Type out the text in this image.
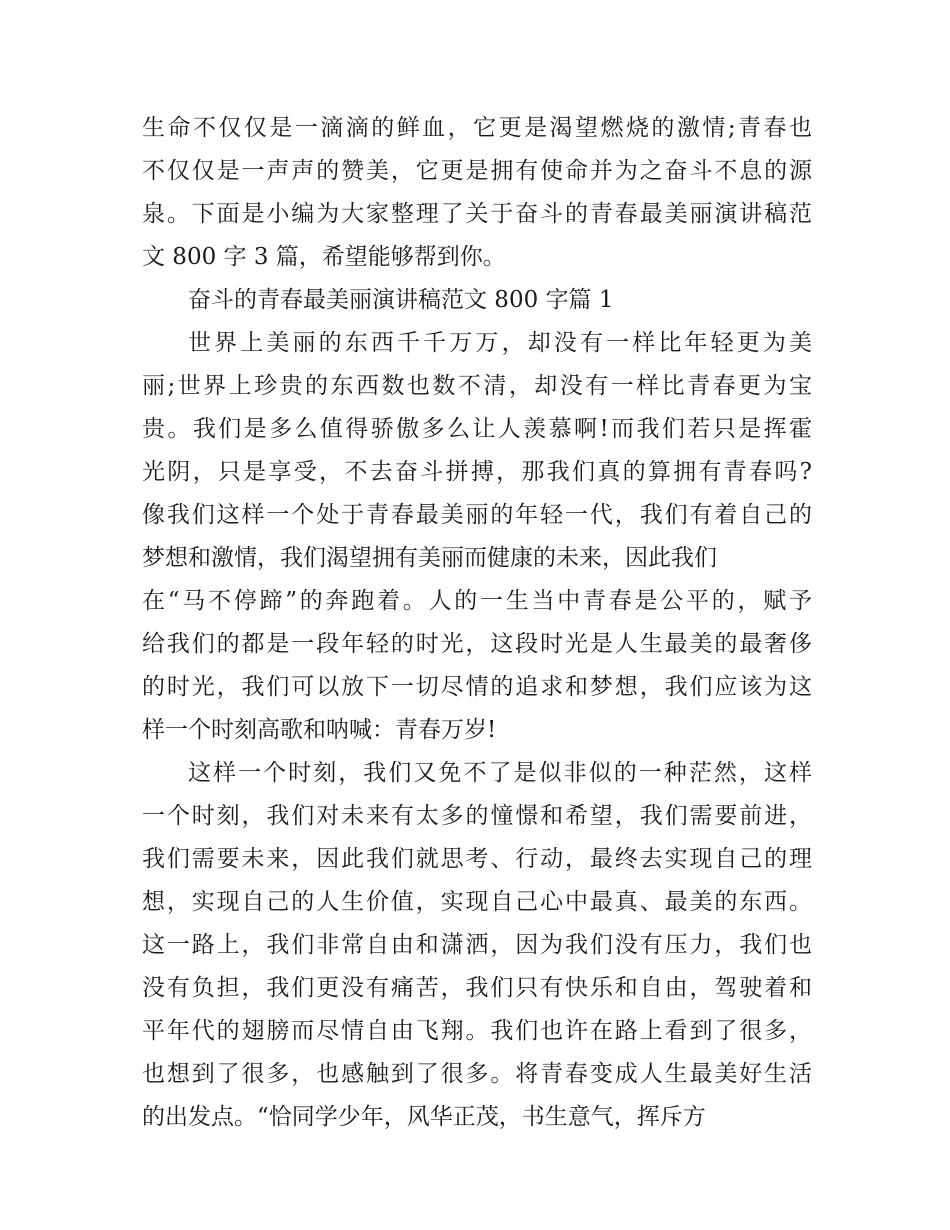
生命不仅仅是一滴滴的鲜血，它更是渴望燃烧的激情;青春也
不仅仅是一声声的赞美，它更是拥有使命并为之奋斗不息的源
泉。下面是小编为大家整理了关于奋斗的青春最美丽演讲稿范
文 800 字 3 篇，希望能够帮到你。
奋斗的青春最美丽演讲稿范文 800 字篇 1
世界上美丽的东西千千万万，却没有一样比年轻更为美
丽;世界上珍贵的东西数也数不清，却没有一样比青春更为宝
贵。我们是多么值得骄傲多么让人羡慕啊!而我们若只是挥霍
光阴，只是享受，不去奋斗拼搏，那我们真的算拥有青春吗?
像我们这样一个处于青春最美丽的年轻一代，我们有着自己的
梦想和激情，我们渴望拥有美丽而健康的未来，因此我们
在“马不停蹄”的奔跑着。人的一生当中青春是公平的，赋予
给我们的都是一段年轻的时光，这段时光是人生最美的最奢侈
的时光，我们可以放下一切尽情的追求和梦想，我们应该为这
样一个时刻高歌和呐喊：青春万岁!
这样一个时刻，我们又免不了是似非似的一种茫然，这样
一个时刻，我们对未来有太多的憧憬和希望，我们需要前进，
我们需要未来，因此我们就思考、行动，最终去实现自己的理
想，实现自己的人生价值，实现自己心中最真、最美的东西。
这一路上，我们非常自由和潇洒，因为我们没有压力，我们也
没有负担，我们更没有痛苦，我们只有快乐和自由，驾驶着和
平年代的翅膀而尽情自由飞翔。我们也许在路上看到了很多，
也想到了很多，也感触到了很多。将青春变成人生最美好生活
的出发点。“恰同学少年，风华正茂，书生意气，挥斥方
